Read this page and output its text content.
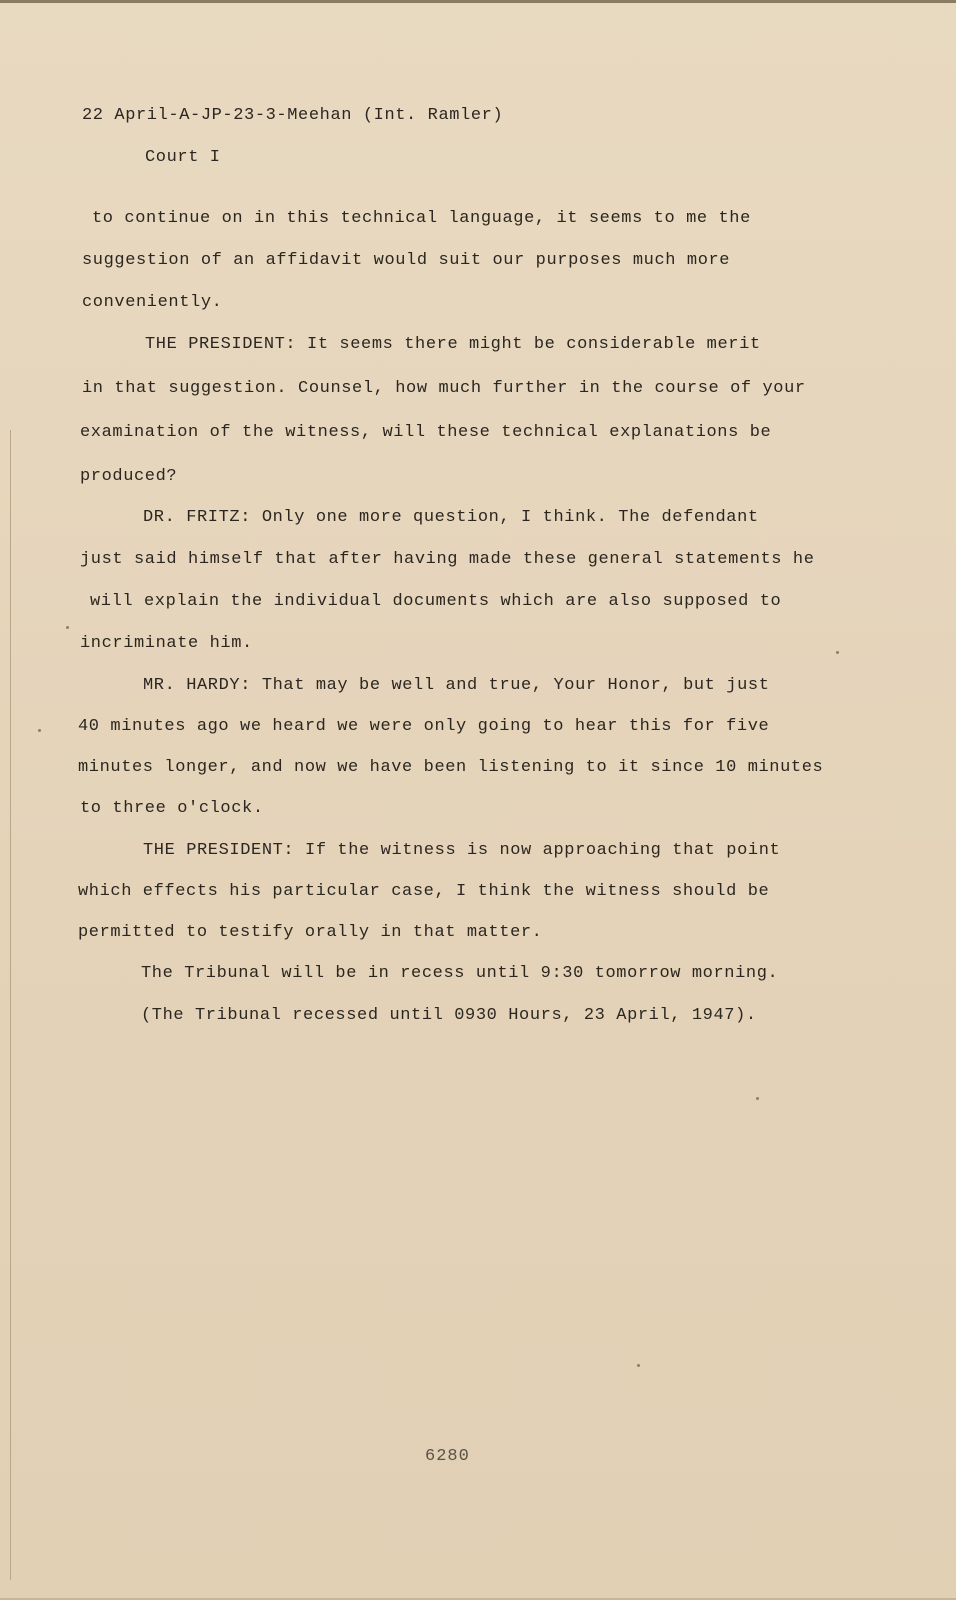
22 April-A-JP-23-3-Meehan (Int. Ramler)
Court I
to continue on in this technical language, it seems to me the
suggestion of an affidavit would suit our purposes much more
conveniently.
THE PRESIDENT: It seems there might be considerable merit
in that suggestion. Counsel, how much further in the course of your
examination of the witness, will these technical explanations be
produced?
DR. FRITZ: Only one more question, I think. The defendant
just said himself that after having made these general statements he
will explain the individual documents which are also supposed to
incriminate him.
MR. HARDY: That may be well and true, Your Honor, but just
40 minutes ago we heard we were only going to hear this for five
minutes longer, and now we have been listening to it since 10 minutes
to three o'clock.
THE PRESIDENT: If the witness is now approaching that point
which effects his particular case, I think the witness should be
permitted to testify orally in that matter.
The Tribunal will be in recess until 9:30 tomorrow morning.
(The Tribunal recessed until 0930 Hours, 23 April, 1947).
6280
